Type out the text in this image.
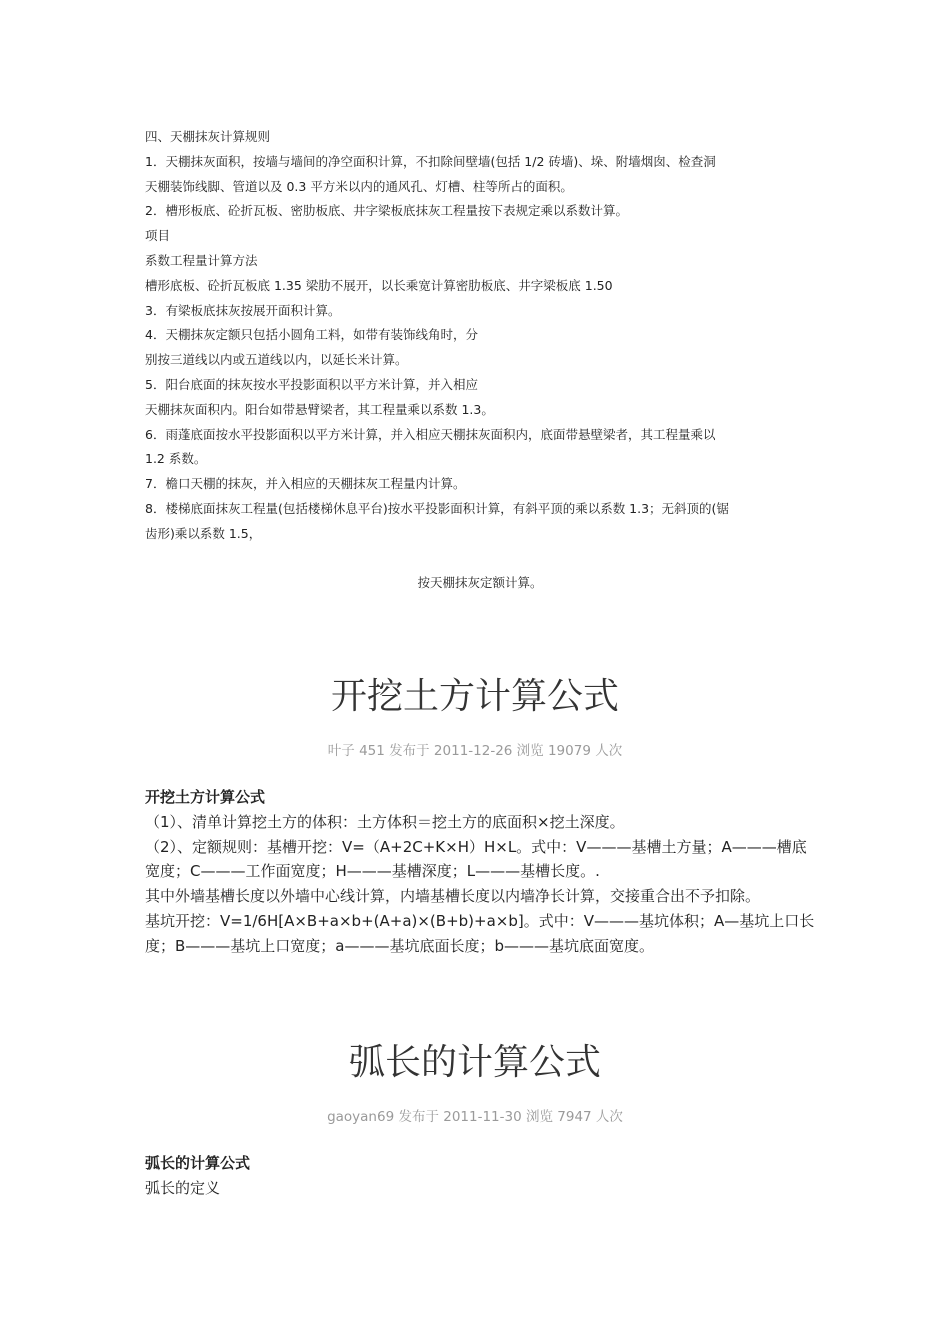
四、天棚抹灰计算规则

1．天棚抹灰面积，按墙与墙间的净空面积计算，不扣除间壁墙(包括 1/2 砖墙)、垛、附墙烟囱、检查洞

天棚装饰线脚、管道以及 0.3 平方米以内的通风孔、灯槽、柱等所占的面积。

2．槽形板底、砼折瓦板、密肋板底、井字梁板底抹灰工程量按下表规定乘以系数计算。

项目

系数工程量计算方法

槽形底板、砼折瓦板底 1.35 梁肋不展开，以长乘宽计算密肋板底、井字梁板底 1.50

3．有梁板底抹灰按展开面积计算。

4．天棚抹灰定额只包括小圆角工料，如带有装饰线角时，分

别按三道线以内或五道线以内，以延长米计算。

5．阳台底面的抹灰按水平投影面积以平方米计算，并入相应

天棚抹灰面积内。阳台如带悬臂梁者，其工程量乘以系数 1.3。

6．雨蓬底面按水平投影面积以平方米计算，并入相应天棚抹灰面积内，底面带悬壁梁者，其工程量乘以

1.2 系数。

7．檐口天棚的抹灰，并入相应的天棚抹灰工程量内计算。

8．楼梯底面抹灰工程量(包括楼梯休息平台)按水平投影面积计算，有斜平顶的乘以系数 1.3；无斜顶的(锯

齿形)乘以系数 1.5，

按天棚抹灰定额计算。

开挖土方计算公式

叶子 451 发布于 2011-12-26 浏览 19079 人次

开挖土方计算公式

（1）、清单计算挖土方的体积：土方体积＝挖土方的底面积×挖土深度。

（2）、定额规则：基槽开挖：V=（A+2C+K×H）H×L。式中：V———基槽土方量；A———槽底宽度；C———工作面宽度；H———基槽深度；L———基槽长度。.

其中外墙基槽长度以外墙中心线计算，内墙基槽长度以内墙净长计算，交接重合出不予扣除。

基坑开挖：V=1/6H[A×B+a×b+(A+a)×(B+b)+a×b]。式中：V———基坑体积；A—基坑上口长度；B———基坑上口宽度；a———基坑底面长度；b———基坑底面宽度。

弧长的计算公式

gaoyan69 发布于 2011-11-30 浏览 7947 人次

弧长的计算公式

弧长的定义
